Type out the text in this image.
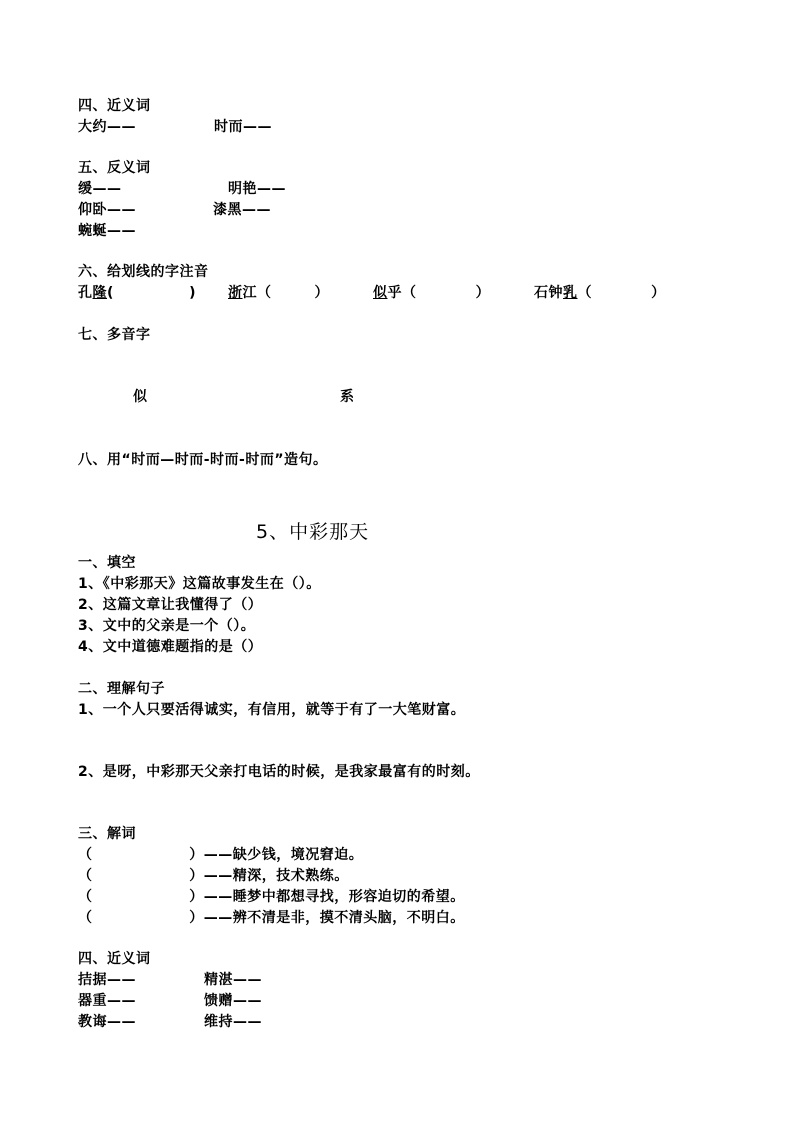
四、近义词
大约——	时而——
五、反义词
缓——	明艳——
仰卧——	漆黑——
蜿蜒——
六、给划线的字注音
孔隆(              ) 浙江（        ）	似乎（           ）	石钟乳（           ）
七、多音字
似	系
八、用“时而—时而-时而-时而”造句。
5、中彩那天
一、填空
1、《中彩那天》这篇故事发生在（）。
2、这篇文章让我懂得了（）
3、文中的父亲是一个（）。
4、文中道德难题指的是（）
二、理解句子
1、一个人只要活得诚实，有信用，就等于有了一大笔财富。
2、是呀，中彩那天父亲打电话的时候，是我家最富有的时刻。
三、解词
（                  ）——缺少钱，境况窘迫。
（                  ）——精深，技术熟练。
（                  ）——睡梦中都想寻找，形容迫切的希望。
（                  ）——辨不清是非，摸不清头脑，不明白。
四、近义词
拮据——	精湛——
器重——	馈赠——
教诲——	维持——
